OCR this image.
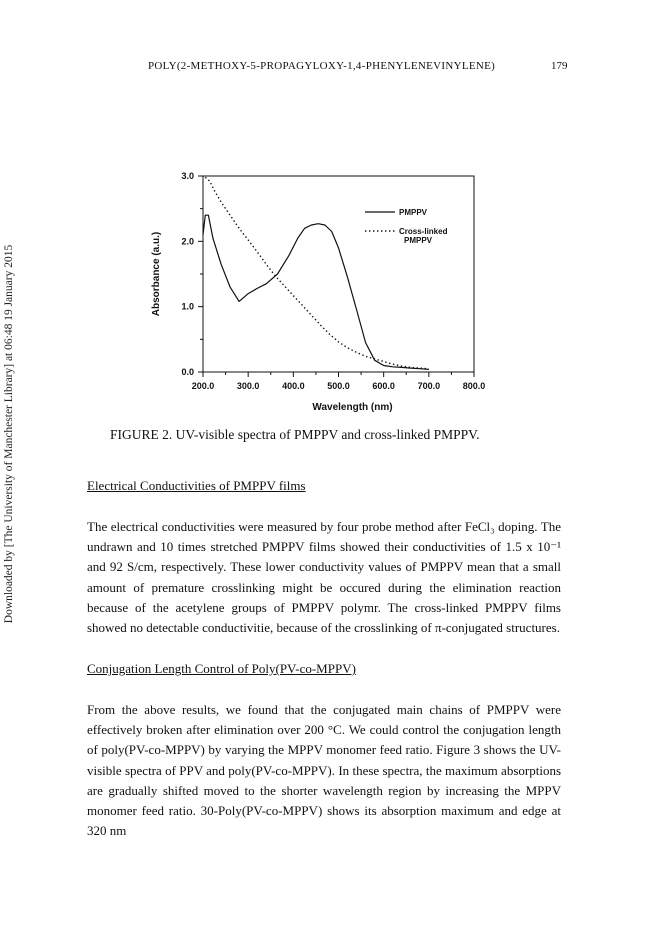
POLY(2-METHOXY-5-PROPAGYLOXY-1,4-PHENYLENEVINYLENE)	179
Downloaded by [The University of Manchester Library] at 06:48 19 January 2015	Wavelength (nm)
Absorbance (a.u.)
200.0	300.0	400.0	500.0	600.0	700.0	800.0
0.0
1.0
2.0
3.0
PMPPV
Cross-linked PMPPV
FIGURE 2. UV-visible spectra of PMPPV and cross-linked PMPPV.
Electrical Conductivities of PMPPV films

The electrical conductivities were measured by four probe method after FeCl₃ doping. The undrawn and 10 times stretched PMPPV films showed their conductivities of 1.5 x 10⁻¹ and 92 S/cm, respectively. These lower conductivity values of PMPPV mean that a small amount of premature crosslinking might be occured during the elimination reaction because of the acetylene groups of PMPPV polymr. The cross-linked PMPPV films showed no detectable conductivitie, because of the crosslinking of π-conjugated structures.

Conjugation Length Control of Poly(PV-co-MPPV)

From the above results, we found that the conjugated main chains of PMPPV were effectively broken after elimination over 200 °C. We could control the conjugation length of poly(PV-co-MPPV) by varying the MPPV monomer feed ratio. Figure 3 shows the UV-visible spectra of PPV and poly(PV-co-MPPV). In these spectra, the maximum absorptions are gradually shifted moved to the shorter wavelength region by increasing the MPPV monomer feed ratio. 30-Poly(PV-co-MPPV) shows its absorption maximum and edge at 320 nm
